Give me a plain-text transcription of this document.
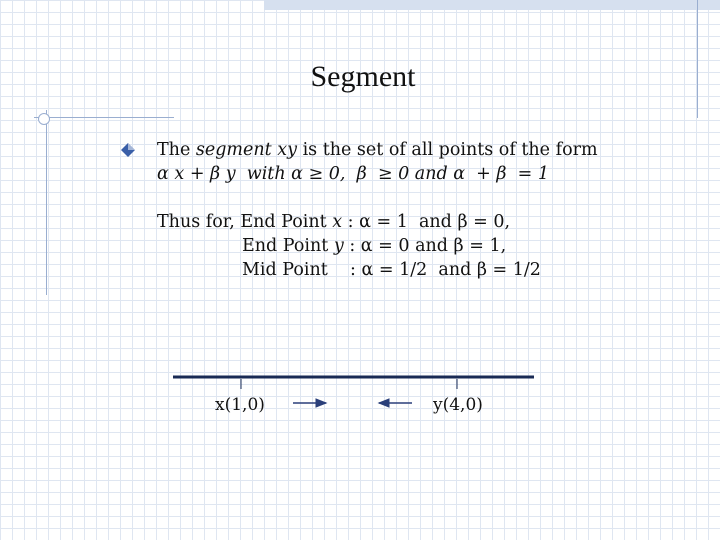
Segment
The segment xy is the set of all points of the form
α x + β y  with α ≥ 0,  β  ≥ 0 and α  + β  = 1
Thus for, End Point x : α = 1  and β = 0,
End Point y : α = 0 and β = 1,
Mid Point    : α = 1/2  and β = 1/2
x(1,0)	y(4,0)
